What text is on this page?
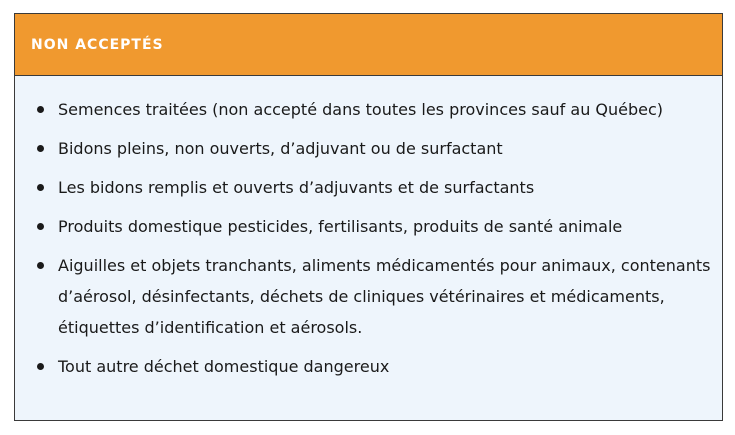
NON ACCEPTÉS
Semences traitées (non accepté dans toutes les provinces sauf au Québec)
Bidons pleins, non ouverts, d’adjuvant ou de surfactant
Les bidons remplis et ouverts d’adjuvants et de surfactants
Produits domestique pesticides, fertilisants, produits de santé animale
Aiguilles et objets tranchants, aliments médicamentés pour animaux, contenants d’aérosol, désinfectants, déchets de cliniques vétérinaires et médicaments, étiquettes d’identification et aérosols.
Tout autre déchet domestique dangereux
